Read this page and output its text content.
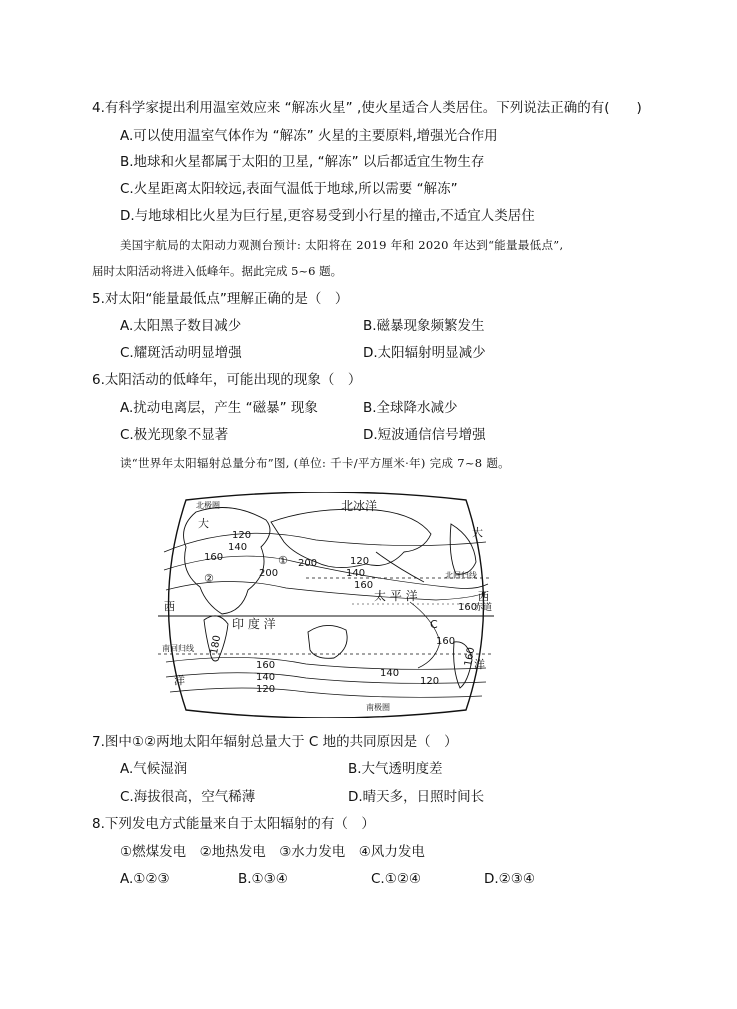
4.有科学家提出利用温室效应来 “解冻火星” ,使火星适合人类居住。下列说法正确的有(　　)
A.可以使用温室气体作为 “解冻” 火星的主要原料,增强光合作用
B.地球和火星都属于太阳的卫星, “解冻” 以后都适宜生物生存
C.火星距离太阳较远,表面气温低于地球,所以需要 “解冻”
D.与地球相比火星为巨行星,更容易受到小行星的撞击,不适宜人类居住
美国宇航局的太阳动力观测台预计: 太阳将在 2019 年和 2020 年达到“能量最低点”,
届时太阳活动将进入低峰年。据此完成 5~6 题。
5.对太阳“能量最低点”理解正确的是（　）
A.太阳黑子数目减少	B.磁暴现象频繁发生
C.耀斑活动明显增强	D.太阳辐射明显减少
6.太阳活动的低峰年，可能出现的现象（　）
A.扰动电离层，产生 “磁暴” 现象	B.全球降水减少
C.极光现象不显著	D.短波通信信号增强
读“世界年太阳辐射总量分布”图, (单位: 千卡/平方厘米·年) 完成 7~8 题。
北极圈	北冰洋
北回归线
南回归线
南极圈
印 度 洋
太 平 洋
赤道
C
大
大
西
西
洋
洋
①
②
120
140
160
200
200
160
140
120
120
140
160
180	160
120
160
160
140
7.图中①②两地太阳年辐射总量大于 C 地的共同原因是（　）
A.气候湿润	B.大气透明度差
C.海拔很高，空气稀薄	D.晴天多，日照时间长
8.下列发电方式能量来自于太阳辐射的有（　）
①燃煤发电　②地热发电　③水力发电　④风力发电
A.①②③	B.①③④	C.①②④	D.②③④
